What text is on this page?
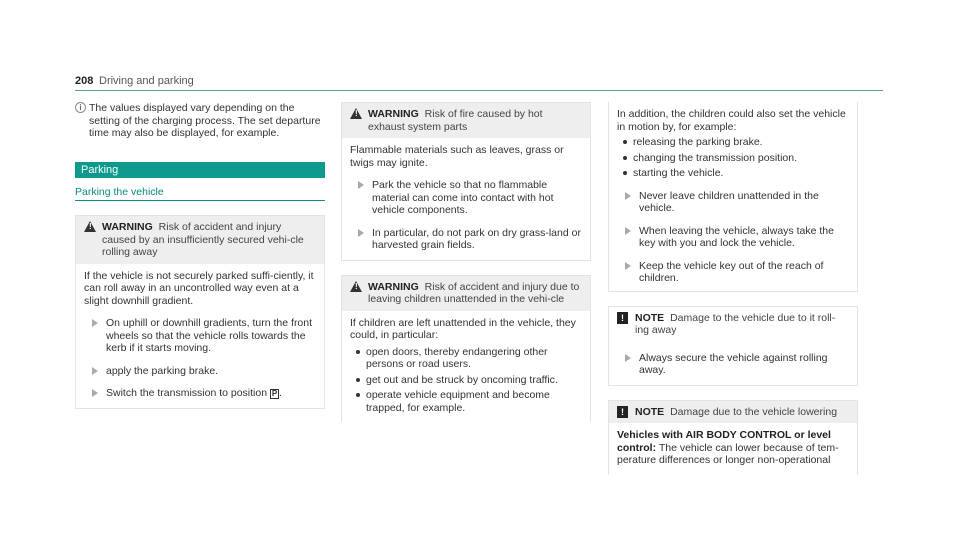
208 Driving and parking
i The values displayed vary depending on the setting of the charging process. The set departure time may also be displayed, for example.
Parking
Parking the vehicle
! WARNING Risk of accident and injury caused by an insufficiently secured vehi-cle rolling away

If the vehicle is not securely parked suffi-ciently, it can roll away in an uncontrolled way even at a slight downhill gradient.

On uphill or downhill gradients, turn the front wheels so that the vehicle rolls towards the kerb if it starts moving.
apply the parking brake.
Switch the transmission to position P .
! WARNING Risk of fire caused by hot exhaust system parts

Flammable materials such as leaves, grass or twigs may ignite.

Park the vehicle so that no flammable material can come into contact with hot vehicle components.
In particular, do not park on dry grass-land or harvested grain fields.
! WARNING Risk of accident and injury due to leaving children unattended in the vehi-cle

If children are left unattended in the vehicle, they could, in particular:

open doors, thereby endangering other persons or road users.
get out and be struck by oncoming traffic.
operate vehicle equipment and become trapped, for example.

In addition, the children could also set the vehicle in motion by, for example:

releasing the parking brake.
changing the transmission position.
starting the vehicle.
Never leave children unattended in the vehicle.
When leaving the vehicle, always take the key with you and lock the vehicle.
Keep the vehicle key out of the reach of children.
!	NOTE Damage to the vehicle due to it roll-ing away
Always secure the vehicle against rolling away.
!	NOTE Damage due to the vehicle lowering
Vehicles with AIR BODY CONTROL or level control: The vehicle can lower because of tem-perature differences or longer non-operational
